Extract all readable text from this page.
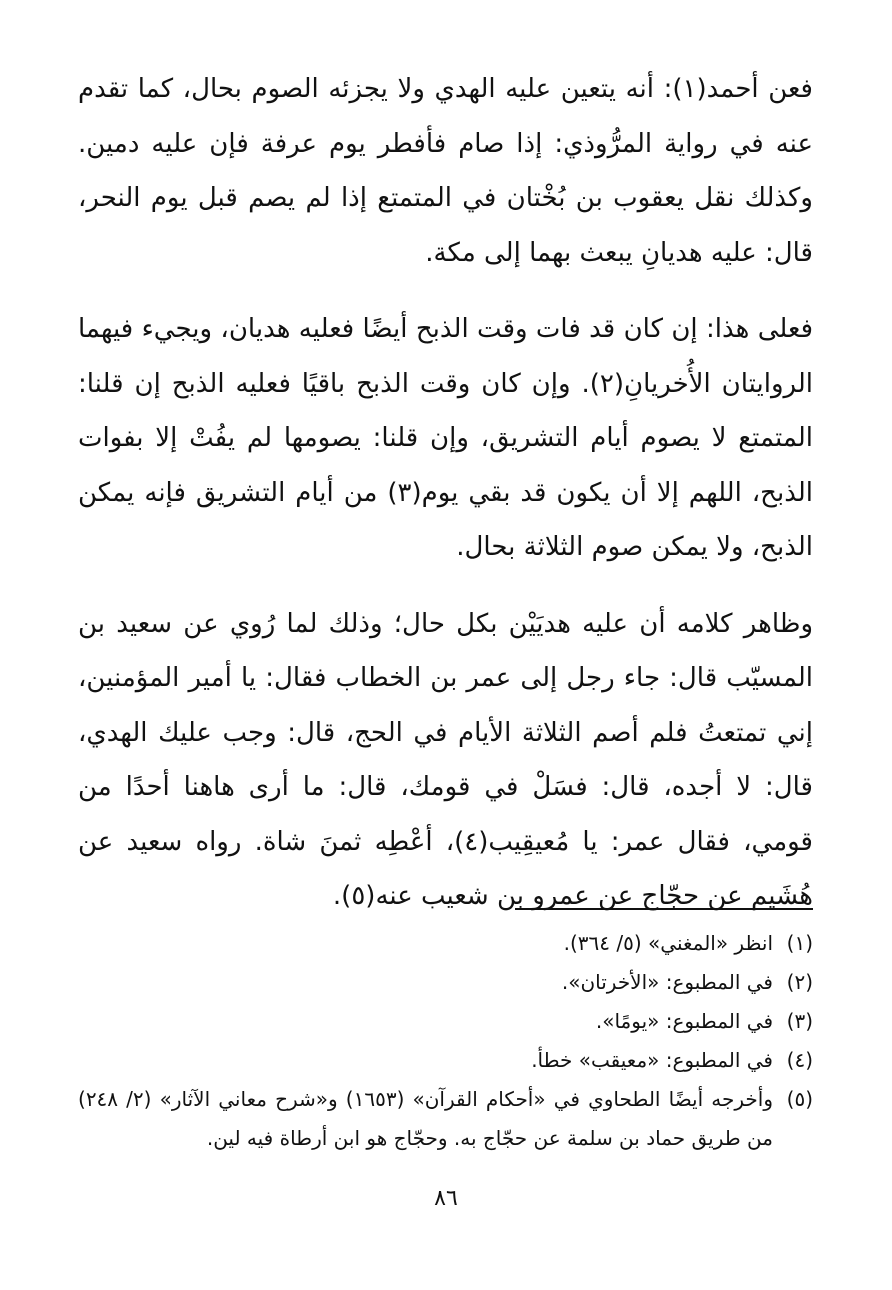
فعن أحمد(١): أنه يتعين عليه الهدي ولا يجزئه الصوم بحال، كما تقدم عنه في رواية المرُّوذي: إذا صام فأفطر يوم عرفة فإن عليه دمين. وكذلك نقل يعقوب بن بُخْتان في المتمتع إذا لم يصم قبل يوم النحر، قال: عليه هديانِ يبعث بهما إلى مكة.

فعلى هذا: إن كان قد فات وقت الذبح أيضًا فعليه هديان، ويجيء فيهما الروايتان الأُخريانِ(٢). وإن كان وقت الذبح باقيًا فعليه الذبح إن قلنا: المتمتع لا يصوم أيام التشريق، وإن قلنا: يصومها لم يفُتْ إلا بفوات الذبح، اللهم إلا أن يكون قد بقي يوم(٣) من أيام التشريق فإنه يمكن الذبح، ولا يمكن صوم الثلاثة بحال.

وظاهر كلامه أن عليه هديَيْن بكل حال؛ وذلك لما رُوي عن سعيد بن المسيّب قال: جاء رجل إلى عمر بن الخطاب فقال: يا أمير المؤمنين، إني تمتعتُ فلم أصم الثلاثة الأيام في الحج، قال: وجب عليك الهدي، قال: لا أجده، قال: فسَلْ في قومك، قال: ما أرى هاهنا أحدًا من قومي، فقال عمر: يا مُعيقِيب(٤)، أعْطِه ثمنَ شاة. رواه سعيد عن هُشَيم عن حجّاج عن عمرو بن شعيب عنه(٥).

(١)
انظر «المغني» (٥/ ٣٦٤).
(٢)
في المطبوع: «الأخرتان».
(٣)
في المطبوع: «يومًا».
(٤)
في المطبوع: «معيقب» خطأ.
(٥)
وأخرجه أيضًا الطحاوي في «أحكام القرآن» (١٦٥٣) و«شرح معاني الآثار» (٢/ ٢٤٨) من طريق حماد بن سلمة عن حجّاج به. وحجّاج هو ابن أرطاة فيه لين.
٨٦
